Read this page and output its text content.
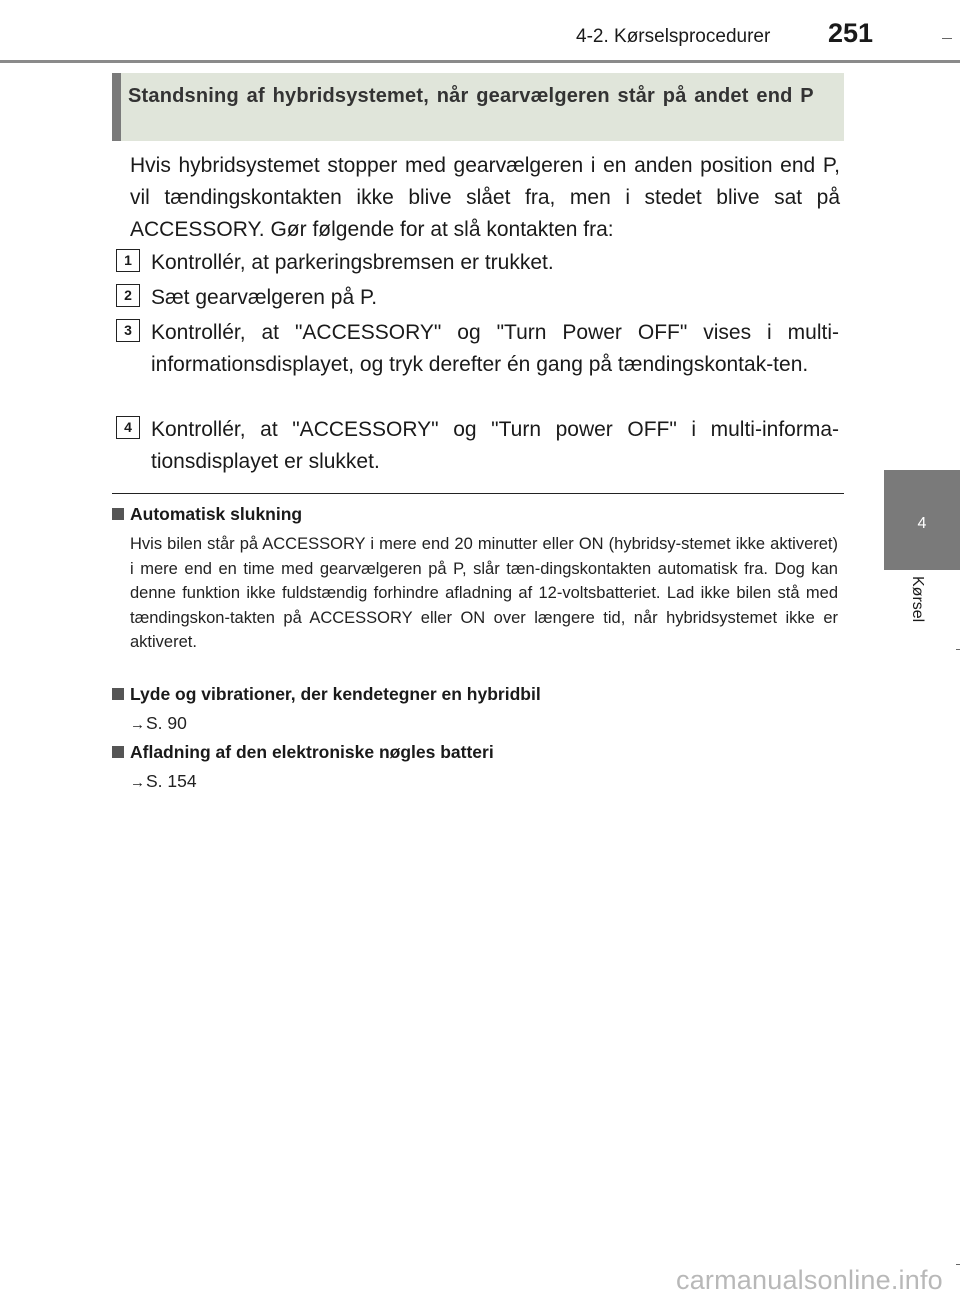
4-2. Kørselsprocedurer 251
4
Kørsel
Standsning af hybridsystemet, når gearvælgeren står på andet end P
Hvis hybridsystemet stopper med gearvælgeren i en anden position end P, vil tændingskontakten ikke blive slået fra, men i stedet blive sat på ACCESSORY. Gør følgende for at slå kontakten fra:
1 Kontrollér, at parkeringsbremsen er trukket.
2 Sæt gearvælgeren på P.
3 Kontrollér, at "ACCESSORY" og "Turn Power OFF" vises i multi-informationsdisplayet, og tryk derefter én gang på tændingskontak-ten.
4 Kontrollér, at "ACCESSORY" og "Turn power OFF" i multi-informa-tionsdisplayet er slukket.
Automatisk slukning
Hvis bilen står på ACCESSORY i mere end 20 minutter eller ON (hybridsy-stemet ikke aktiveret) i mere end en time med gearvælgeren på P, slår tæn-dingskontakten automatisk fra. Dog kan denne funktion ikke fuldstændig forhindre afladning af 12-voltsbatteriet. Lad ikke bilen stå med tændingskon-takten på ACCESSORY eller ON over længere tid, når hybridsystemet ikke er aktiveret.
Lyde og vibrationer, der kendetegner en hybridbil
→S. 90
Afladning af den elektroniske nøgles batteri
→S. 154
carmanualsonline.info
